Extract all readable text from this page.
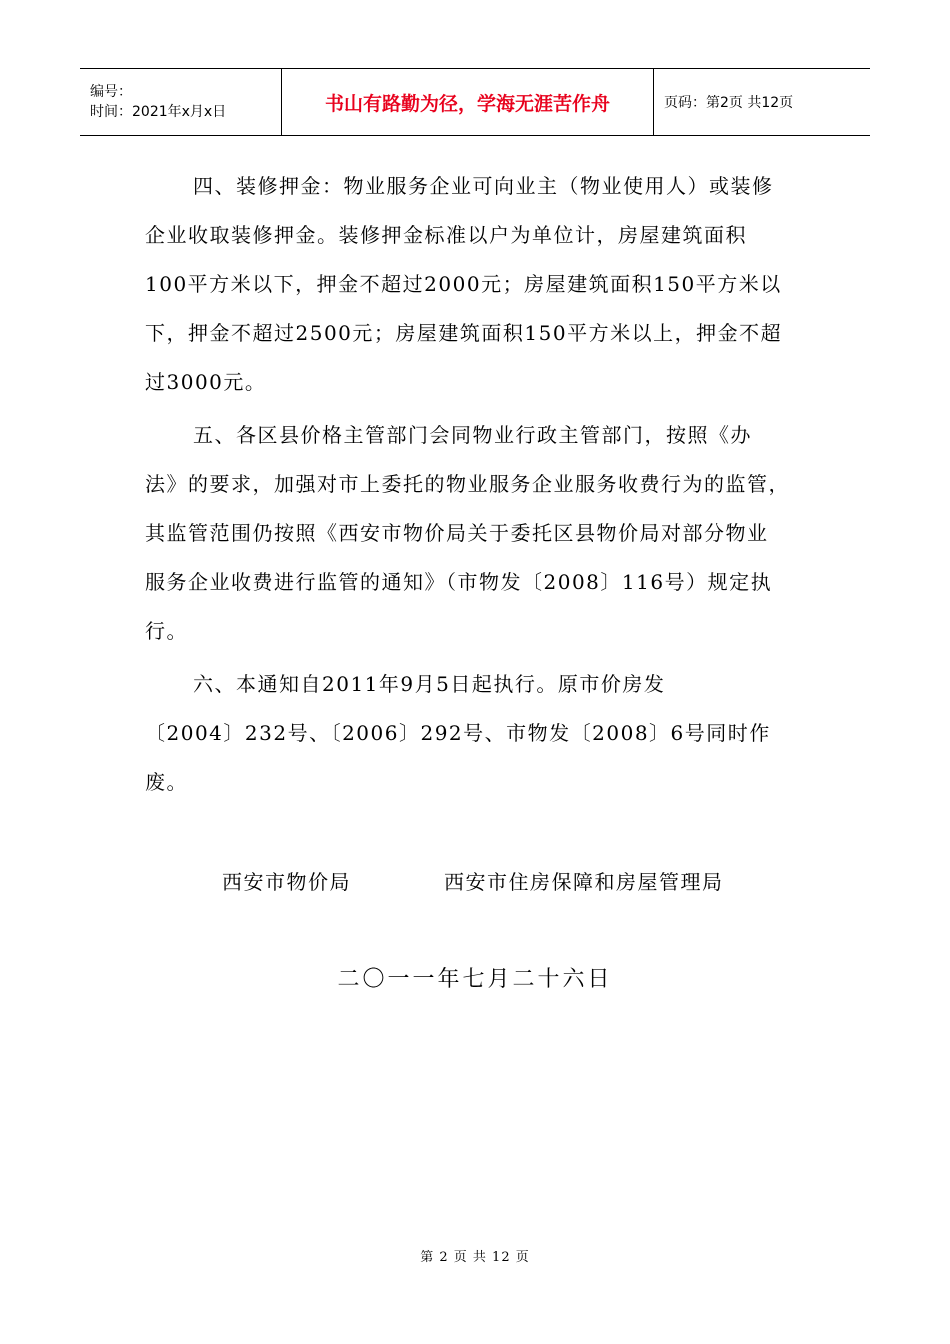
编号：
时间：2021年x月x日	书山有路勤为径，学海无涯苦作舟	页码：第2页 共12页

四、装修押金：物业服务企业可向业主（物业使用人）或装修

企业收取装修押金。装修押金标准以户为单位计，房屋建筑面积

100平方米以下，押金不超过2000元；房屋建筑面积150平方米以

下，押金不超过2500元；房屋建筑面积150平方米以上，押金不超

过3000元。

五、各区县价格主管部门会同物业行政主管部门，按照《办

法》的要求，加强对市上委托的物业服务企业服务收费行为的监管，

其监管范围仍按照《西安市物价局关于委托区县物价局对部分物业

服务企业收费进行监管的通知》（市物发〔2008〕116号）规定执

行。

六、本通知自2011年9月5日起执行。原市价房发

〔2004〕232号、〔2006〕292号、市物发〔2008〕6号同时作废。

西安市物价局	西安市住房保障和房屋管理局
二〇一一年七月二十六日
第 2 页 共 12 页
